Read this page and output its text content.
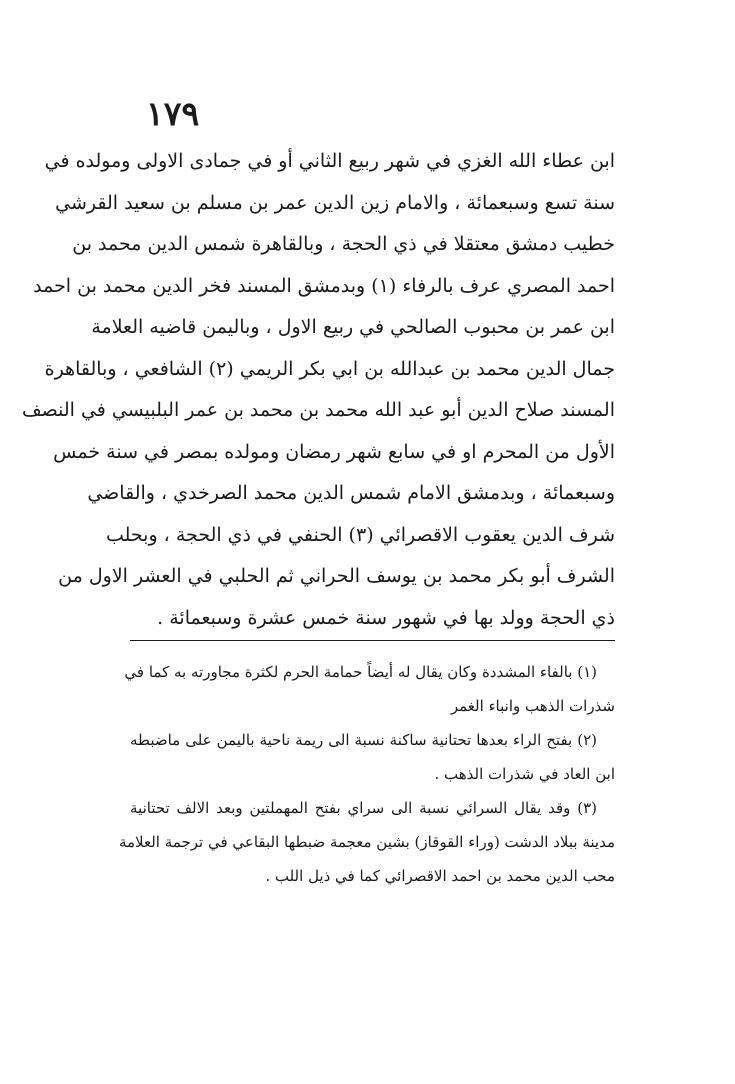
١٧٩
ابن عطاء الله الغزي في شهر ربيع الثاني أو في جمادى الاولى ومولده في
سنة تسع وسبعمائة ، والامام زين الدين عمر بن مسلم بن سعيد القرشي
خطيب دمشق معتقلا في ذي الحجة ، وبالقاهرة شمس الدين محمد بن
احمد المصري عرف بالرفاء (١) وبدمشق المسند فخر الدين محمد بن احمد
ابن عمر بن محبوب الصالحي في ربيع الاول ، وباليمن قاضيه العلامة
جمال الدين محمد بن عبدالله بن ابي بكر الريمي (٢) الشافعي ، وبالقاهرة
المسند صلاح الدين أبو عبد الله محمد بن محمد بن عمر البلبيسي في النصف
الأول من المحرم او في سابع شهر رمضان ومولده بمصر في سنة خمس
وسبعمائة ، وبدمشق الامام شمس الدين محمد الصرخدي ، والقاضي
شرف الدين يعقوب الاقصرائي (٣) الحنفي في ذي الحجة ، وبحلب
الشرف أبو بكر محمد بن يوسف الحراني ثم الحلبي في العشر الاول من
ذي الحجة وولد بها في شهور سنة خمس عشرة وسبعمائة .
(١) بالفاء المشددة وكان يقال له أيضاً حمامة الحرم لكثرة مجاورته به كما في
شذرات الذهب وانباء الغمر
(٢) بفتح الراء بعدها تحتانية ساكنة نسبة الى ريمة ناحية باليمن على ماضبطه
ابن العاد في شذرات الذهب .
(٣) وقد يقال السرائي نسبة الى سراي بفتح المهملتين وبعد الالف تحتانية
مدينة ببلاد الدشت (وراء القوقاز) بشين معجمة ضبطها البقاعي في ترجمة العلامة
محب الدين محمد بن احمد الاقصرائي كما في ذيل اللب .
